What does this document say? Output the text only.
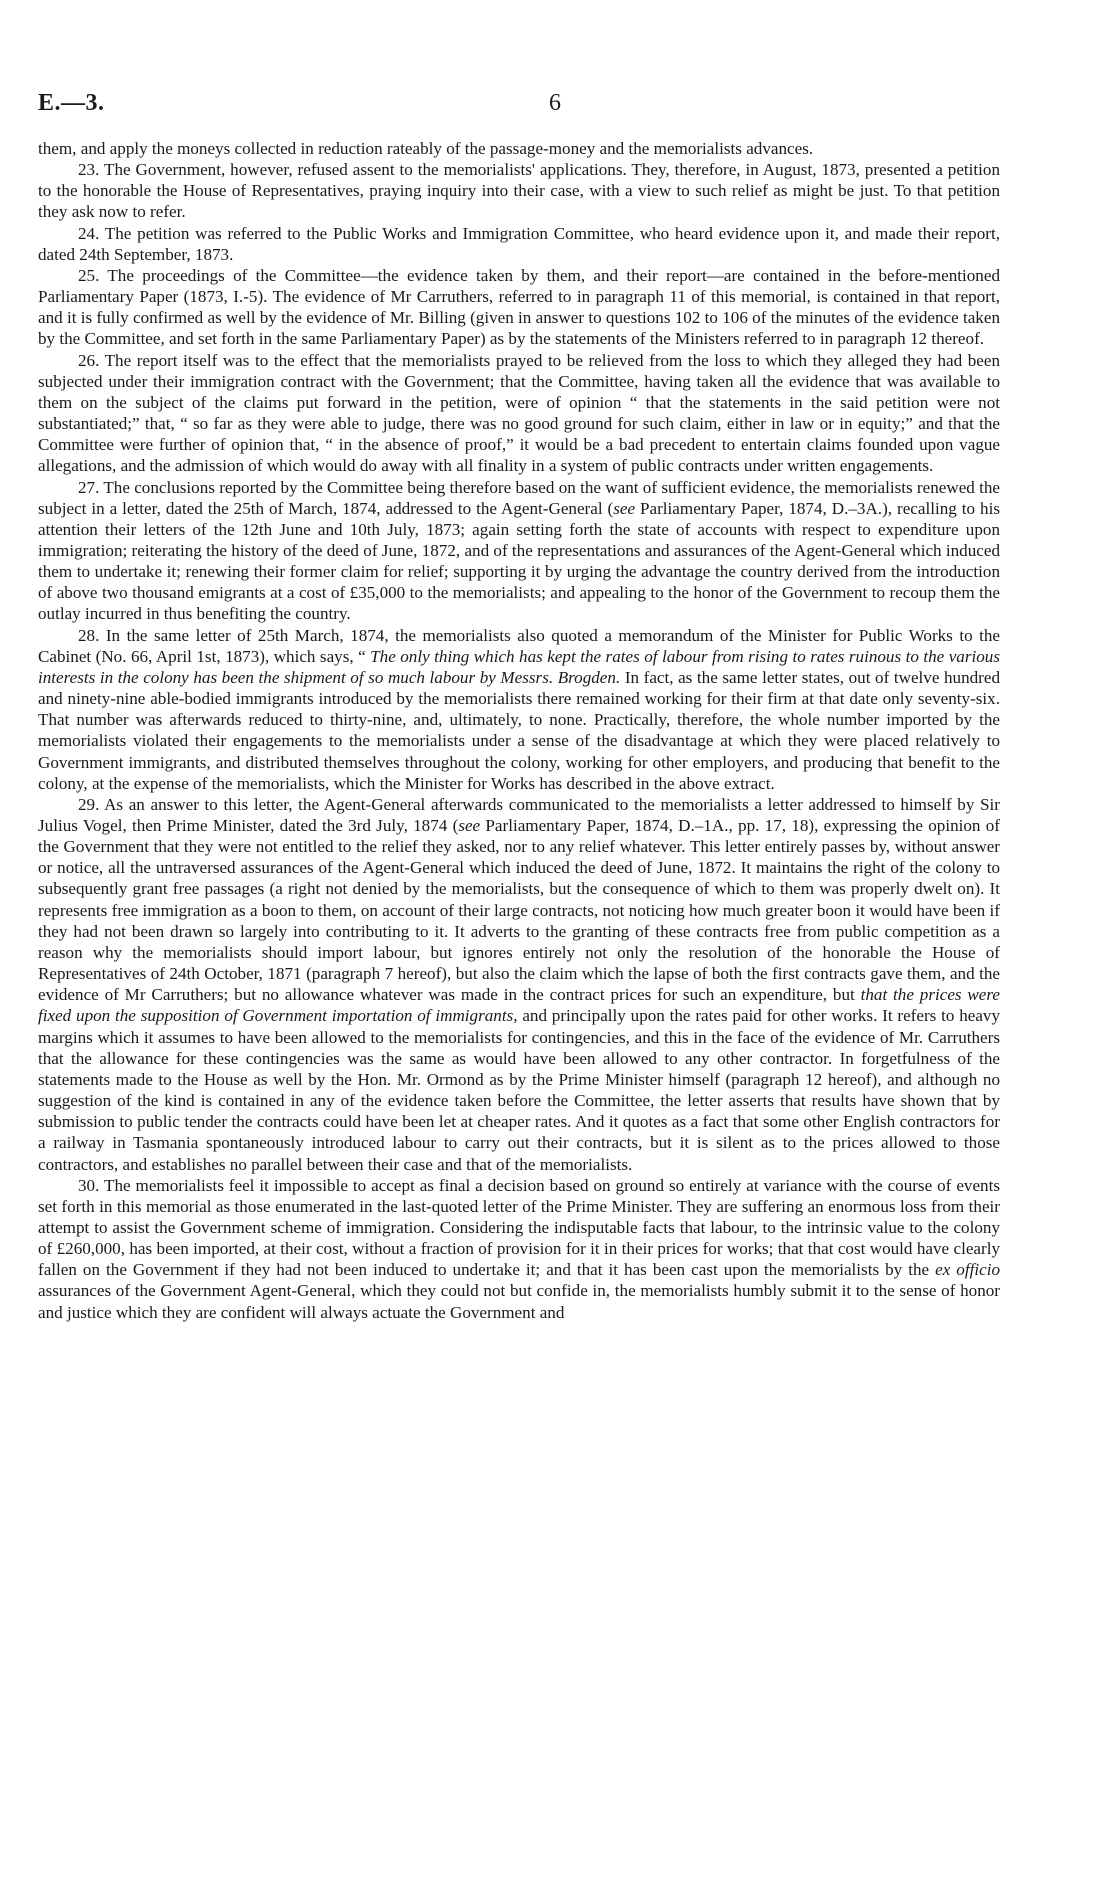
E.—3.	6

them, and apply the moneys collected in reduction rateably of the passage-money and the memorialists advances.

23. The Government, however, refused assent to the memorialists' applications. They, therefore, in August, 1873, presented a petition to the honorable the House of Representatives, praying inquiry into their case, with a view to such relief as might be just. To that petition they ask now to refer.

24. The petition was referred to the Public Works and Immigration Committee, who heard evidence upon it, and made their report, dated 24th September, 1873.

25. The proceedings of the Committee—the evidence taken by them, and their report—are contained in the before-mentioned Parliamentary Paper (1873, I.-5). The evidence of Mr Carruthers, referred to in paragraph 11 of this memorial, is contained in that report, and it is fully confirmed as well by the evidence of Mr. Billing (given in answer to questions 102 to 106 of the minutes of the evidence taken by the Committee, and set forth in the same Parliamentary Paper) as by the statements of the Ministers referred to in paragraph 12 thereof.

26. The report itself was to the effect that the memorialists prayed to be relieved from the loss to which they alleged they had been subjected under their immigration contract with the Government; that the Committee, having taken all the evidence that was available to them on the subject of the claims put forward in the petition, were of opinion “ that the statements in the said petition were not substantiated;” that, “ so far as they were able to judge, there was no good ground for such claim, either in law or in equity;” and that the Committee were further of opinion that, “ in the absence of proof,” it would be a bad precedent to entertain claims founded upon vague allegations, and the admission of which would do away with all finality in a system of public contracts under written engagements.

27. The conclusions reported by the Committee being therefore based on the want of sufficient evidence, the memorialists renewed the subject in a letter, dated the 25th of March, 1874, addressed to the Agent-General (see Parliamentary Paper, 1874, D.–3A.), recalling to his attention their letters of the 12th June and 10th July, 1873; again setting forth the state of accounts with respect to expenditure upon immigration; reiterating the history of the deed of June, 1872, and of the representations and assurances of the Agent-General which induced them to undertake it; renewing their former claim for relief; supporting it by urging the advantage the country derived from the introduction of above two thousand emigrants at a cost of £35,000 to the memorialists; and appealing to the honor of the Government to recoup them the outlay incurred in thus benefiting the country.

28. In the same letter of 25th March, 1874, the memorialists also quoted a memorandum of the Minister for Public Works to the Cabinet (No. 66, April 1st, 1873), which says, “ The only thing which has kept the rates of labour from rising to rates ruinous to the various interests in the colony has been the shipment of so much labour by Messrs. Brogden. In fact, as the same letter states, out of twelve hundred and ninety-nine able-bodied immigrants introduced by the memorialists there remained working for their firm at that date only seventy-six. That number was afterwards reduced to thirty-nine, and, ultimately, to none. Practically, therefore, the whole number imported by the memorialists violated their engagements to the memorialists under a sense of the disadvantage at which they were placed relatively to Government immigrants, and distributed themselves throughout the colony, working for other employers, and producing that benefit to the colony, at the expense of the memorialists, which the Minister for Works has described in the above extract.

29. As an answer to this letter, the Agent-General afterwards communicated to the memorialists a letter addressed to himself by Sir Julius Vogel, then Prime Minister, dated the 3rd July, 1874 (see Parliamentary Paper, 1874, D.–1A., pp. 17, 18), expressing the opinion of the Government that they were not entitled to the relief they asked, nor to any relief whatever. This letter entirely passes by, without answer or notice, all the untraversed assurances of the Agent-General which induced the deed of June, 1872. It maintains the right of the colony to subsequently grant free passages (a right not denied by the memorialists, but the consequence of which to them was properly dwelt on). It represents free immigration as a boon to them, on account of their large contracts, not noticing how much greater boon it would have been if they had not been drawn so largely into contributing to it. It adverts to the granting of these contracts free from public competition as a reason why the memorialists should import labour, but ignores entirely not only the resolution of the honorable the House of Representatives of 24th October, 1871 (paragraph 7 hereof), but also the claim which the lapse of both the first contracts gave them, and the evidence of Mr Carruthers; but no allowance whatever was made in the contract prices for such an expenditure, but that the prices were fixed upon the supposition of Government importation of immigrants, and principally upon the rates paid for other works. It refers to heavy margins which it assumes to have been allowed to the memorialists for contingencies, and this in the face of the evidence of Mr. Carruthers that the allowance for these contingencies was the same as would have been allowed to any other contractor. In forgetfulness of the statements made to the House as well by the Hon. Mr. Ormond as by the Prime Minister himself (paragraph 12 hereof), and although no suggestion of the kind is contained in any of the evidence taken before the Committee, the letter asserts that results have shown that by submission to public tender the contracts could have been let at cheaper rates. And it quotes as a fact that some other English contractors for a railway in Tasmania spontaneously introduced labour to carry out their contracts, but it is silent as to the prices allowed to those contractors, and establishes no parallel between their case and that of the memorialists.

30. The memorialists feel it impossible to accept as final a decision based on ground so entirely at variance with the course of events set forth in this memorial as those enumerated in the last-quoted letter of the Prime Minister. They are suffering an enormous loss from their attempt to assist the Government scheme of immigration. Considering the indisputable facts that labour, to the intrinsic value to the colony of £260,000, has been imported, at their cost, without a fraction of provision for it in their prices for works; that that cost would have clearly fallen on the Government if they had not been induced to undertake it; and that it has been cast upon the memorialists by the ex officio assurances of the Government Agent-General, which they could not but confide in, the memorialists humbly submit it to the sense of honor and justice which they are confident will always actuate the Government and
